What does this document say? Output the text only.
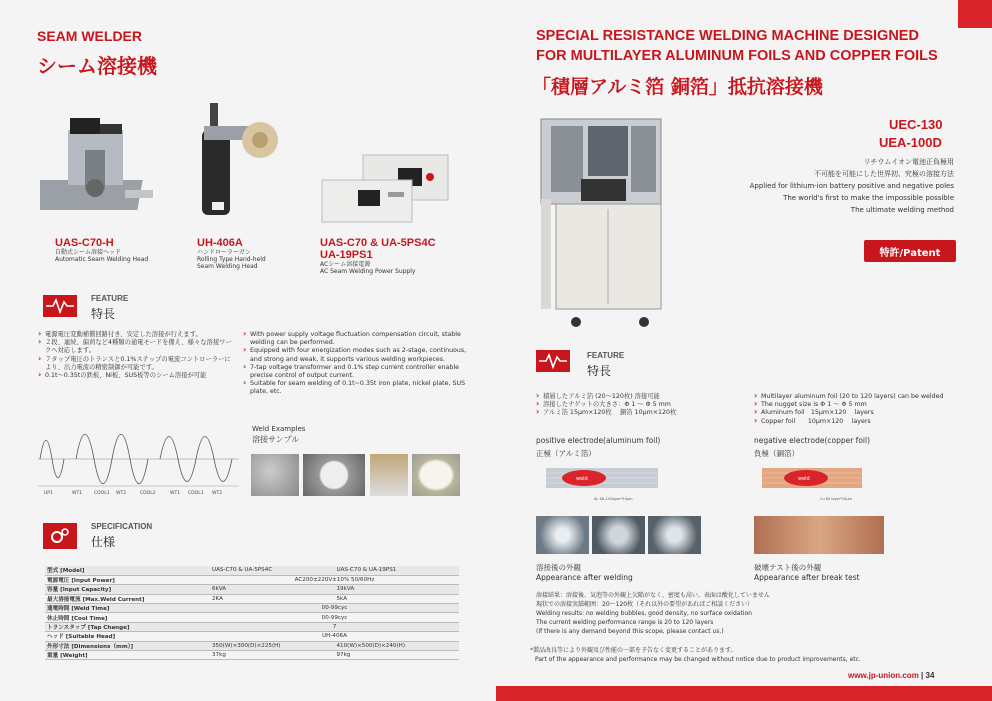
SEAM WELDER
シーム溶接機
UAS-C70-H
自動式シーム溶接ヘッド
Automatic Seam Welding Head
UH-406A
ハンドローラーガン
Rolling Type Hand-held Seam Welding Head
UAS-C70 & UA-5PS4C
UA-19PS1
ACシーム溶接電源
AC Seam Welding Power Supply
FEATURE
特長
› 電源電圧変動補償回路付き、安定した溶接が行えます。
› ２段、連続、偏荷など4種類の通電モードを備え、様々な溶接ワークへ対応します。
› ７タップ電圧のトランスと0.1%ステップの電流コントローラーにより、出力電流の精密制御が可能です。
› 0.1t～0.35tの鉄板、Ni板、SUS板等のシーム溶接が可能
› With power supply voltage fluctuation compensation circuit, stable welding can be performed.
› Equipped with four energization modes such as 2-stage, continuous, and strong and weak, it supports various welding workpieces.
› 7-tap voltage transformer and 0.1% step current controller enable precise control of output current.
› Suitable for seam welding of 0.1t~0.35t iron plate, nickel plate, SUS plate, etc.
UP1	WT1	COOL1 WT2	COOL2	WT1 COOL1 WT2
Weld Examples
溶接サンプル
SPECIFICATION
仕様
型式 [Model]	UAS-C70 & UA-5PS4C	UAS-C70 & UA-19PS1
電源電圧 [Input Power]	AC200±220V±10% 50/60Hz	
容量 [Input Capacity]	6kVA	19kVA
最大溶接電流 [Max.Weld Current]	2KA	5kA
通電時間 [Weld Time]	00-99cyc	
休止時間 [Cool Time]	00-99cyc	
トランスタップ [Tap Change]	7	
ヘッド [Suitable Head]	UH-406A	
外形寸法 [Dimensions（mm）]	350(W)×300(D)×225(H)	410(W)×500(D)×240(H)
重量 [Weight]	37kg	97kg
SPECIAL RESISTANCE WELDING MACHINE DESIGNED
FOR MULTILAYER ALUMINUM FOILS AND COPPER FOILS
「積層アルミ箔 銅箔」抵抗溶接機
UEC-130
UEA-100D
リチウムイオン電池正負極用
不可能を可能にした世界初、究極の溶接方法
Applied for lithium-ion battery positive and negative poles
The world's first to make the impossible possible
The ultimate welding method
特許/Patent
FEATURE
特長
› 積層したアルミ箔 (20～120枚) 溶接可能
› 溶接したナゲットの大きさ：Φ 1 ～ Φ 5 mm
› アルミ箔 15μm×120枚　 銅箔 10μm×120枚
› Multilayer aluminum foil (20 to 120 layers) can be welded
› The nugget size is Φ 1 ～ Φ 5 mm
› Aluminum foil　15μm×120　 layers
› Copper foil　　10μm×120　 layers
positive electrode(aluminum foil)
正極（アルミ箔）
negative electrode(copper foil)
負極（銅箔）
weld
AL 48-120layer*10μm
weld
Cu 80 layer*10μm
溶接後の外観
Appearance after welding
破壊テスト後の外観
Appearance after break test
溶接結果：溶接後、気泡等の外観上欠陥がなく、密度も高い、表面は酸化していません
現状での溶接実績範囲：20～120枚（それ以外の要望があればご相談ください）
Welding results: no welding bubbles, good density, no surface oxidation
The current welding performance range is 20 to 120 layers
(If there is any demand beyond this scope, please contact us.)
*製品改良等により外観及び性能の一部を予告なく変更することがあります。
Part of the appearance and performance may be changed without notice due to product improvements, etc.
www.jp-union.com | 34
